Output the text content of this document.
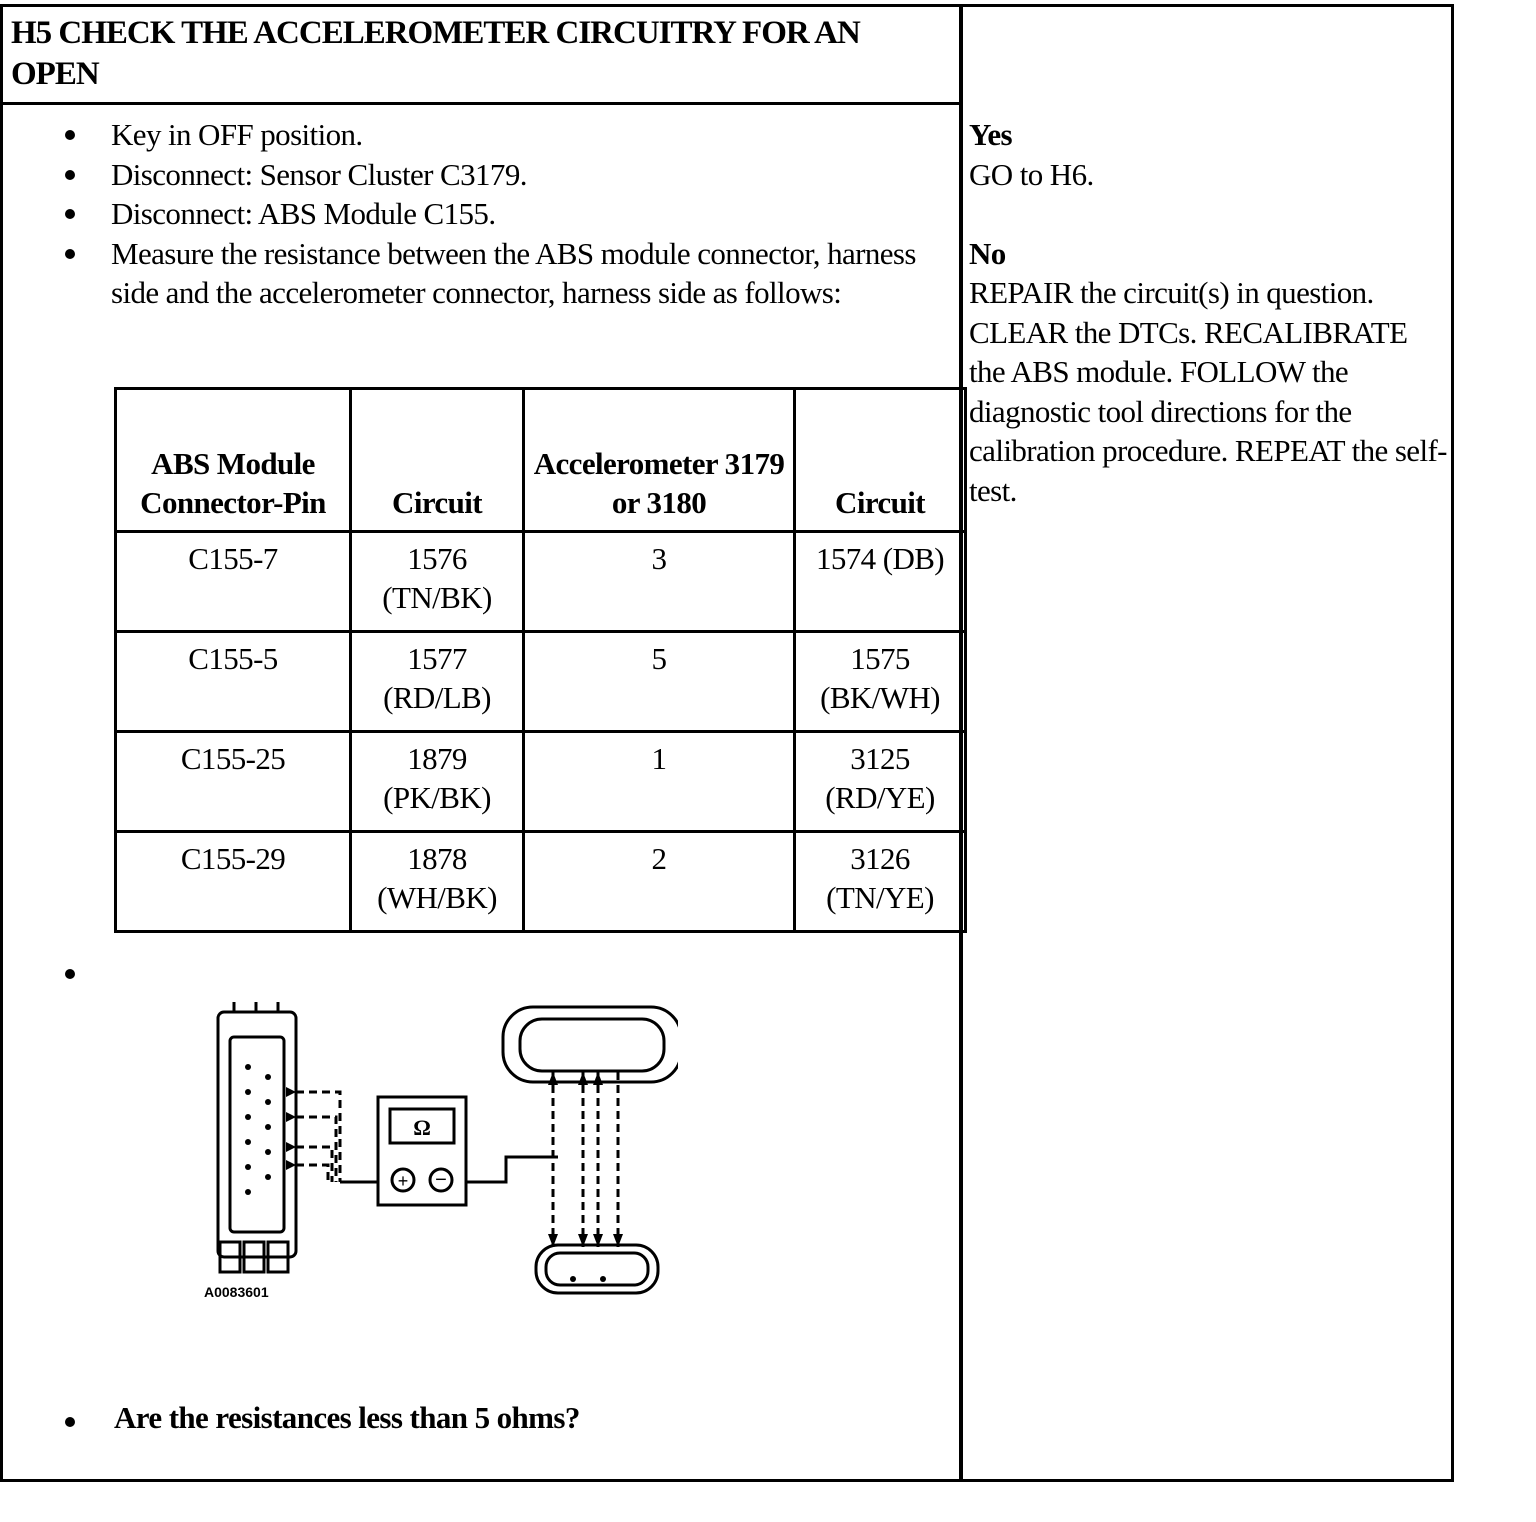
H5 CHECK THE ACCELEROMETER CIRCUITRY FOR AN OPEN
Key in OFF position.
Disconnect: Sensor Cluster C3179.
Disconnect: ABS Module C155.
Measure the resistance between the ABS module connector, harness side and the accelerometer connector, harness side as follows:
ABS Module Connector-Pin	Circuit	Accelerometer 3179 or 3180	Circuit
C155-7	1576 (TN/BK)	3	1574 (DB)
C155-5	1577 (RD/LB)	5	1575 (BK/WH)
C155-25	1879 (PK/BK)	1	3125 (RD/YE)
C155-29	1878 (WH/BK)	2	3126 (TN/YE)
Ω
+ −
A0083601
Are the resistances less than 5 ohms?

Yes

GO to H6.

No

REPAIR the circuit(s) in question. CLEAR the DTCs. RECALIBRATE the ABS module. FOLLOW the diagnostic tool directions for the calibration procedure. REPEAT the self-test.
